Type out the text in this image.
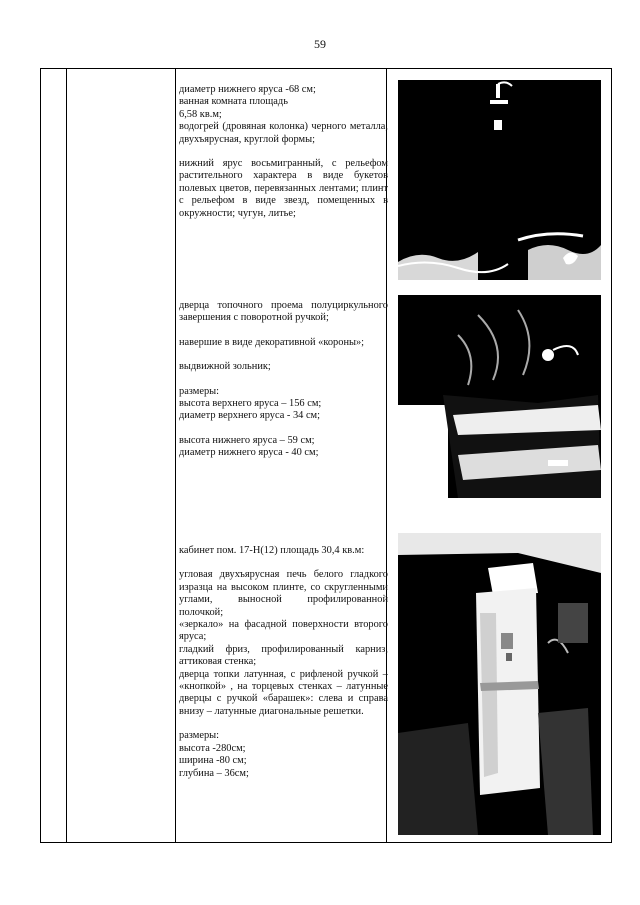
59
диаметр нижнего яруса -68 см;
ванная комната площадь
6,58 кв.м;

водогрей (дровяная колонка) черного металла, двухъярусная, круглой формы;

нижний ярус восьмигранный, с рельефом растительного характера в виде букетов полевых цветов, перевязанных лентами; плинт с рельефом в виде звезд, помещенных в окружности; чугун, литье;

дверца топочного проема полуциркульного завершения с поворотной ручкой;

навершие в виде декоративной «короны»;

выдвижной зольник;

размеры:
высота верхнего яруса – 156 см;

диаметр верхнего яруса - 34 см;

высота нижнего яруса – 59 см;
диаметр нижнего яруса - 40 см;

кабинет пом. 17-Н(12) площадь 30,4 кв.м:

угловая двухъярусная печь белого гладкого изразца на высоком плинте, со скругленными углами, выносной профилированной полочкой;

«зеркало» на фасадной поверхности второго яруса;
гладкий фриз, профилированный карниз, аттиковая стенка;

дверца топки латунная, с рифленой ручкой – «кнопкой» , на торцевых стенках – латунные дверцы с ручкой «барашек»: слева и справа внизу – латунные диагональные решетки.

размеры:
высота -280см;
ширина -80 см;
глубина – 36см;
